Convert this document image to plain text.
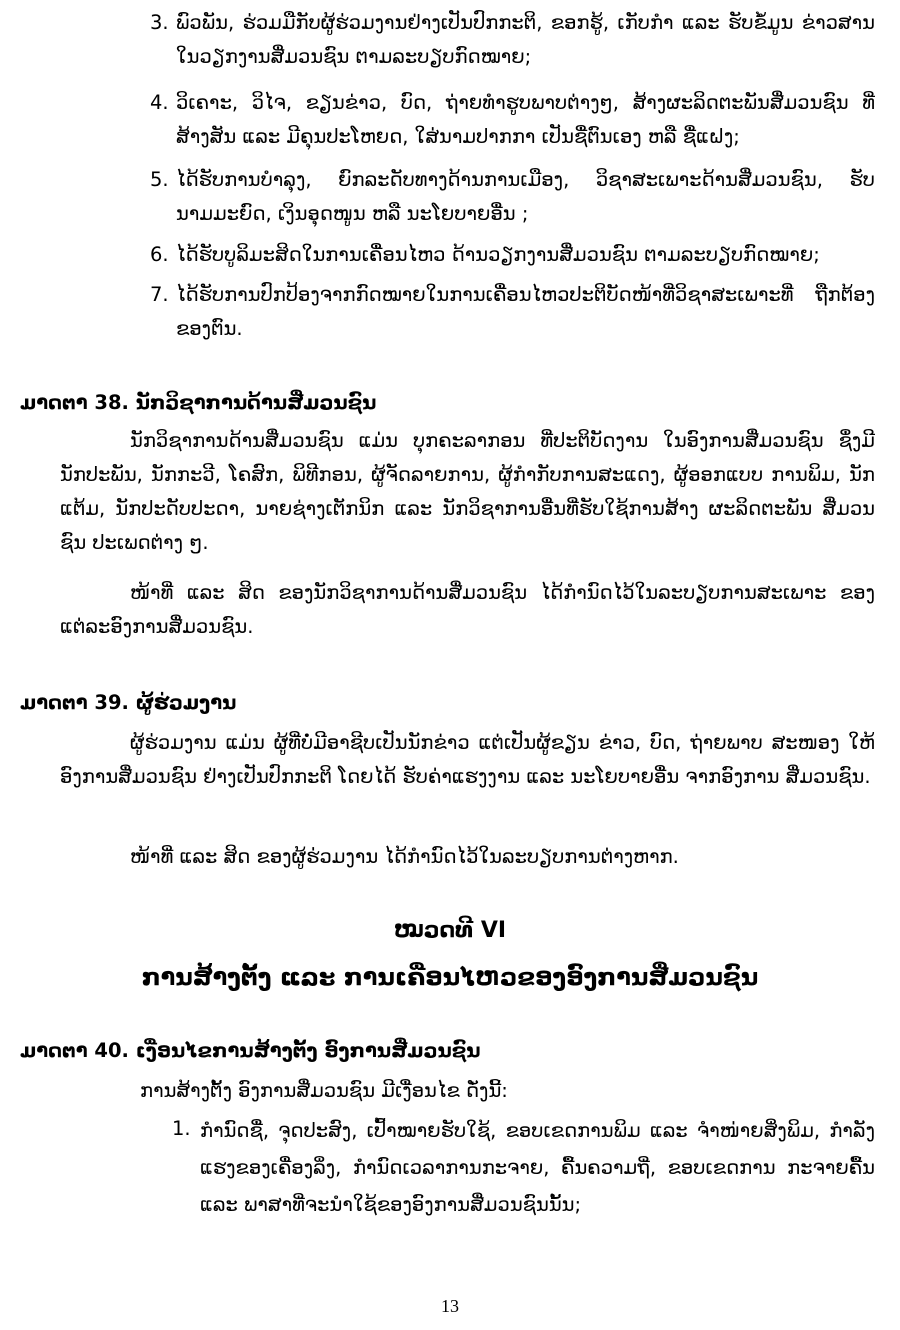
3. ພົວພັນ, ຮ່ວມມືກັບຜູ້ຮ່ວມງານຢ່າງເປັນປົກກະຕິ, ຂອກຮູ້, ເກັບກຳ ແລະ ຮັບຂໍ້ມູນ ຂ່າວສານ ໃນວຽກງານສື່ມວນຊົນ ຕາມລະບຽບກົດໝາຍ;
4. ວິເຄາະ, ວິໄຈ, ຂຽນຂ່າວ, ບົດ, ຖ່າຍທຳຮູບພາບຕ່າງໆ, ສ້າງຜະລິດຕະພັນສື່ມວນຊົນ ທີ່ສ້າງສັນ ແລະ ມີຄຸນປະໂຫຍດ, ໃສ່ນາມປາກກາ ເປັນຊື່ຕົນເອງ ຫລື ຊື່ແຝງ;
5. ໄດ້ຮັບການບຳລຸງ, ຍົກລະດັບທາງດ້ານການເມືອງ, ວິຊາສະເພາະດ້ານສື່ມວນຊົນ, ຮັບ ນາມມະຍົດ, ເງິນອຸດໜູນ ຫລື ນະໂຍບາຍອື່ນ ;
6. ໄດ້ຮັບບູລິມະສິດໃນການເຄື່ອນໄຫວ ດ້ານວຽກງານສື່ມວນຊົນ ຕາມລະບຽບກົດໝາຍ;
7. ໄດ້ຮັບການປົກປ້ອງຈາກກົດໝາຍໃນການເຄື່ອນໄຫວປະຕິບັດໜ້າທີ່ວິຊາສະເພາະທີ່ ຖືກຕ້ອງ ຂອງຕົນ.
ມາດຕາ 38. ນັກວິຊາການດ້ານສື່ມວນຊົນ
ນັກວິຊາການດ້ານສື່ມວນຊົນ ແມ່ນ ບຸກຄະລາກອນ ທີ່ປະຕິບັດງານ ໃນອົງການສື່ມວນຊົນ ຊຶ່ງມີນັກປະພັນ, ນັກກະວີ, ໂຄສົກ, ພິທີກອນ, ຜູ້ຈັດລາຍການ, ຜູ້ກຳກັບການສະແດງ, ຜູ້ອອກແບບ ການພິມ, ນັກແຕ້ມ, ນັກປະດັບປະດາ, ນາຍຊ່າງເຕັກນິກ ແລະ ນັກວິຊາການອື່ນທີ່ຮັບໃຊ້ການສ້າງ ຜະລິດຕະພັນ ສື່ມວນຊົນ ປະເພດຕ່າງ ໆ.
ໜ້າທີ່ ແລະ ສິດ ຂອງນັກວິຊາການດ້ານສື່ມວນຊົນ ໄດ້ກຳນົດໄວ້ໃນລະບຽບການສະເພາະ ຂອງແຕ່ລະອົງການສື່ມວນຊົນ.
ມາດຕາ 39. ຜູ້ຮ່ວມງານ
ຜູ້ຮ່ວມງານ ແມ່ນ ຜູ້ທີ່ບໍ່ມີອາຊີບເປັນນັກຂ່າວ ແຕ່ເປັນຜູ້ຂຽນ ຂ່າວ, ບົດ, ຖ່າຍພາບ ສະໜອງ ໃຫ້ອົງການສື່ມວນຊົນ ຢ່າງເປັນປົກກະຕິ ໂດຍໄດ້ ຮັບຄ່າແຮງງານ ແລະ ນະໂຍບາຍອື່ນ ຈາກອົງການ ສື່ມວນຊົນ.
ໜ້າທີ່ ແລະ ສິດ ຂອງຜູ້ຮ່ວມງານ ໄດ້ກຳນົດໄວ້ໃນລະບຽບການຕ່າງຫາກ.
ໝວດທີ VI
ການສ້າງຕັ້ງ ແລະ ການເຄື່ອນໄຫວຂອງອົງການສື່ມວນຊົນ
ມາດຕາ 40. ເງື່ອນໄຂການສ້າງຕັ້ງ ອົງການສື່ມວນຊົນ
ການສ້າງຕັ້ງ ອົງການສື່ມວນຊົນ ມີເງື່ອນໄຂ ດັ່ງນີ້:
1. ກຳນົດຊື່, ຈຸດປະສົງ, ເປົ້າໝາຍຮັບໃຊ້, ຂອບເຂດການພິມ ແລະ ຈຳໜ່າຍສິ່ງພິມ, ກຳລັງແຮງຂອງເຄື່ອງລິ່ງ, ກຳນົດເວລາການກະຈາຍ, ຄື້ນຄວາມຖີ່, ຂອບເຂດການ ກະຈາຍຄື້ນ ແລະ ພາສາທີ່ຈະນຳໃຊ້ຂອງອົງການສື່ມວນຊົນນັ້ນ;
13
